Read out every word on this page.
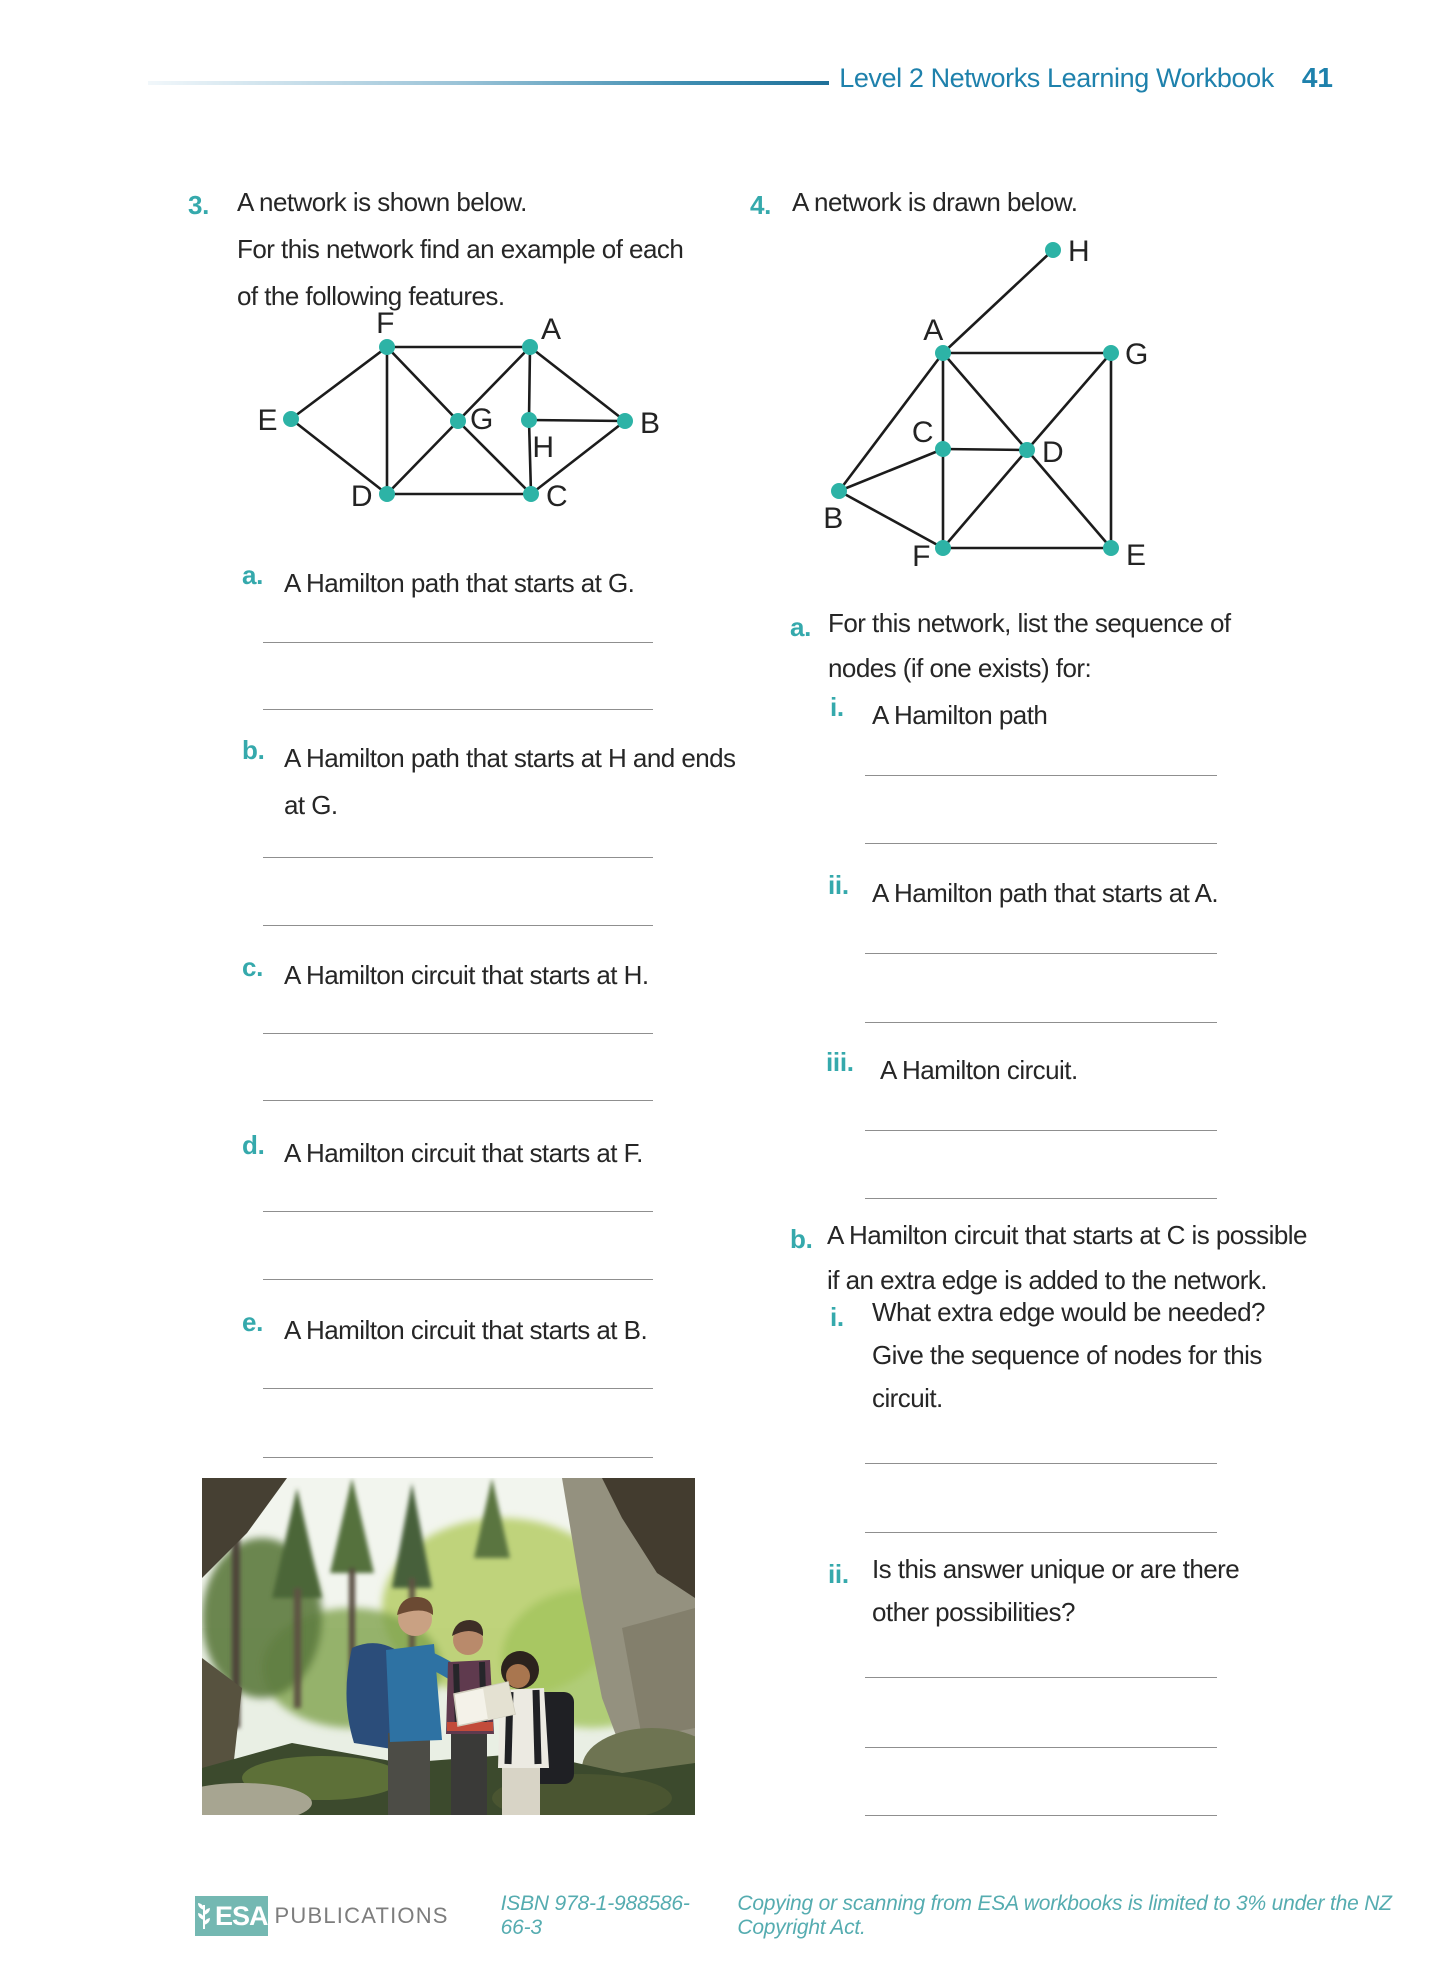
Level 2 Networks Learning Workbook 41
3. A network is shown below.
For this network find an example of each
of the following features.
F	A
E	G
H
B
D	C
a. A Hamilton path that starts at G.
b. A Hamilton path that starts at H and ends
at G.
c. A Hamilton circuit that starts at H.
d. A Hamilton circuit that starts at F.
e. A Hamilton circuit that starts at B.
4. A network is drawn below.
H
A
G
C
D
B
F	E
a. For this network, list the sequence of
nodes (if one exists) for:
i. A Hamilton path
ii. A Hamilton path that starts at A.
iii. A Hamilton circuit.
b. A Hamilton circuit that starts at C is possible
if an extra edge is added to the network.
i. What extra edge would be needed?
Give the sequence of nodes for this
circuit.
ii. Is this answer unique or are there
other possibilities?
ESA PUBLICATIONS ISBN 978-1-988586-66-3
Copying or scanning from ESA workbooks is limited to 3% under the NZ Copyright Act.
